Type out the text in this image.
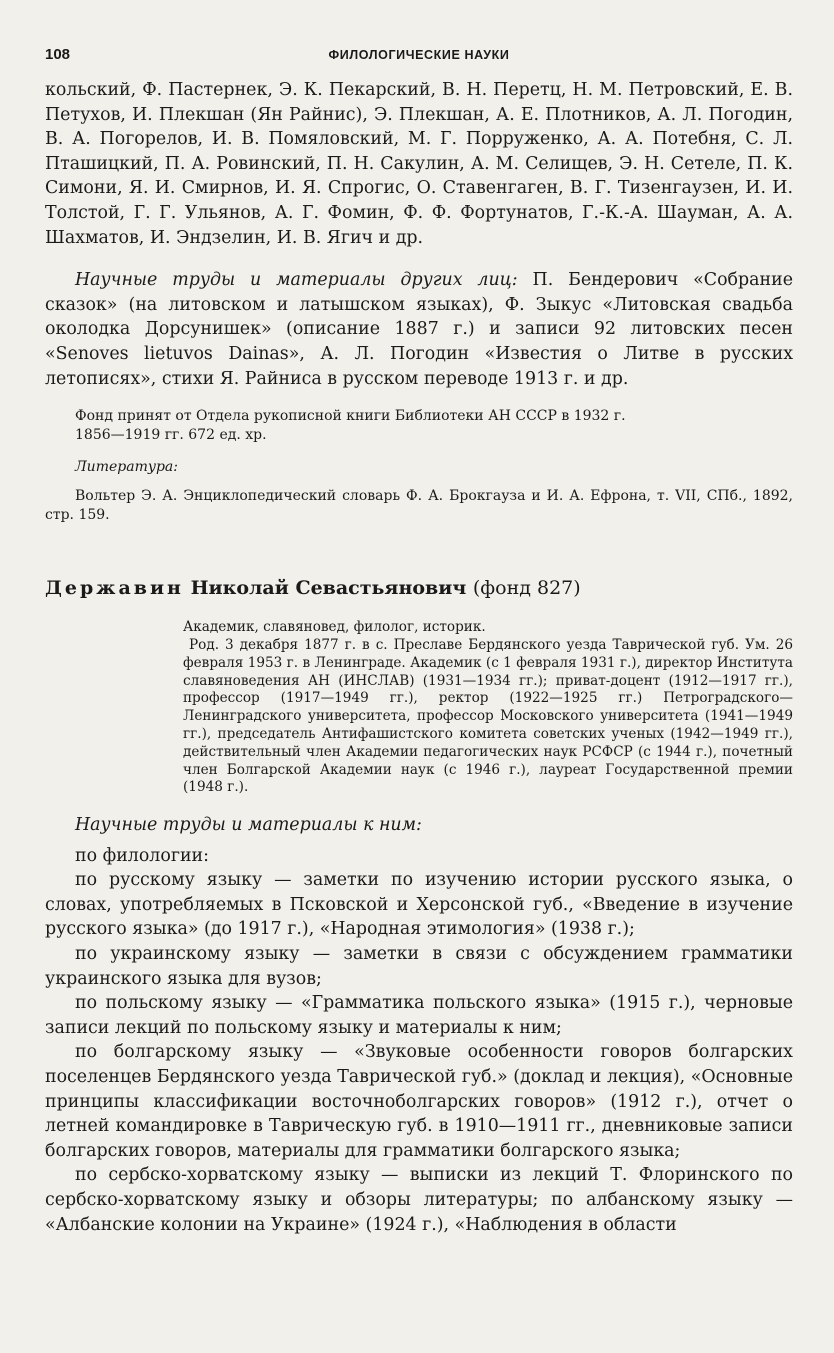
108	ФИЛОЛОГИЧЕСКИЕ НАУКИ

кольский, Ф. Пастернек, Э. К. Пекарский, В. Н. Перетц, Н. М. Петровский, Е. В. Петухов, И. Плекшан (Ян Райнис), Э. Плекшан, А. Е. Плотников, А. Л. Погодин, В. А. Погорелов, И. В. Помяловский, М. Г. Пopруженко, А. А. Потебня, С. Л. Пташицкий, П. А. Ровинский, П. Н. Сакулин, А. М. Селищев, Э. Н. Сетеле, П. К. Симони, Я. И. Смирнов, И. Я. Спрогис, О. Ставенгаген, В. Г. Тизенгаузен, И. И. Толстой, Г. Г. Ульянов, А. Г. Фомин, Ф. Ф. Фортунатов, Г.-К.-А. Шауман, А. А. Шахматов, И. Эндзелин, И. В. Ягич и др.

Научные труды и материалы других лиц: П. Бендерович «Собрание сказок» (на литовском и латышском языках), Ф. Зыкус «Литовская свадьба околодка Дорсунишек» (описание 1887 г.) и записи 92 литовских песен «Senoves lietuvos Dainas», А. Л. Погодин «Известия о Литве в русских летописях», стихи Я. Райниса в русском переводе 1913 г. и др.

Фонд принят от Отдела рукописной книги Библиотеки АН СССР в 1932 г.

1856—1919 гг. 672 ед. хр.

Литература:

Вольтер Э. А. Энциклопедический словарь Ф. А. Брокгауза и И. А. Ефрона, т. VII, СПб., 1892, стр. 159.

Державин Николай Севастьянович (фонд 827)

Академик, славяновед, филолог, историк.

Род. 3 декабря 1877 г. в с. Преславе Бердянского уезда Таврической губ. Ум. 26 февраля 1953 г. в Ленинграде. Академик (с 1 февраля 1931 г.), директор Института славяноведения АН (ИНСЛАВ) (1931—1934 гг.); приват-доцент (1912—1917 гг.), профессор (1917—1949 гг.), ректор (1922—1925 гг.) Петроградского—Ленинградского университета, профессор Московского университета (1941—1949 гг.), председатель Антифашистского комитета советских ученых (1942—1949 гг.), действительный член Академии педагогических наук РСФСР (с 1944 г.), почетный член Болгарской Академии наук (с 1946 г.), лауреат Государственной премии (1948 г.).

Научные труды и материалы к ним:

по филологии:

по русскому языку — заметки по изучению истории русского языка, о словах, употребляемых в Псковской и Херсонской губ., «Введение в изучение русского языка» (до 1917 г.), «Народная этимология» (1938 г.);

по украинскому языку — заметки в связи с обсуждением грамматики украинского языка для вузов;

по польскому языку — «Грамматика польского языка» (1915 г.), черновые записи лекций по польскому языку и материалы к ним;

по болгарскому языку — «Звуковые особенности говоров болгарских поселенцев Бердянского уезда Таврической губ.» (доклад и лекция), «Основные принципы классификации восточноболгарских говоров» (1912 г.), отчет о летней командировке в Таврическую губ. в 1910—1911 гг., дневниковые записи болгарских говоров, материалы для грамматики болгарского языка;

по сербско-хорватскому языку — выписки из лекций Т. Флоринского по сербско-хорватскому языку и обзоры литературы; по албанскому языку — «Албанские колонии на Украине» (1924 г.), «Наблюдения в области
